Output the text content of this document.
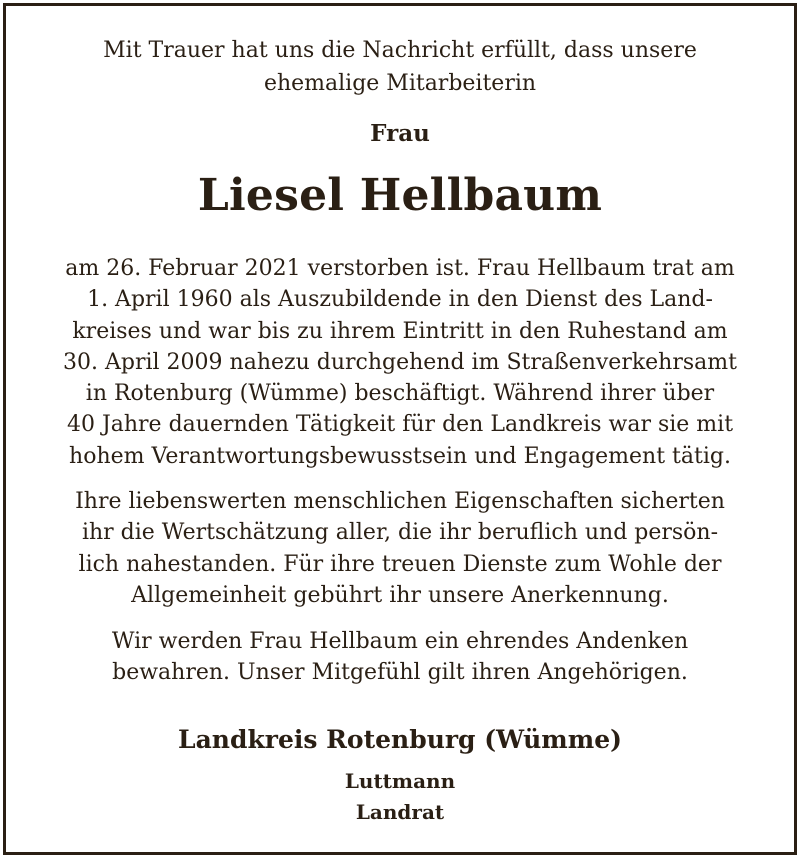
Mit Trauer hat uns die Nachricht erfüllt, dass unsere
ehemalige Mitarbeiterin

Frau

Liesel Hellbaum

am 26. Februar 2021 verstorben ist. Frau Hellbaum trat am
1. April 1960 als Auszubildende in den Dienst des Land-
kreises und war bis zu ihrem Eintritt in den Ruhestand am
30. April 2009 nahezu durchgehend im Straßenverkehrsamt
in Rotenburg (Wümme) beschäftigt. Während ihrer über
40 Jahre dauernden Tätigkeit für den Landkreis war sie mit
hohem Verantwortungsbewusstsein und Engagement tätig.

Ihre liebenswerten menschlichen Eigenschaften sicherten
ihr die Wertschätzung aller, die ihr beruflich und persön-
lich nahestanden. Für ihre treuen Dienste zum Wohle der
Allgemeinheit gebührt ihr unsere Anerkennung.

Wir werden Frau Hellbaum ein ehrendes Andenken
bewahren. Unser Mitgefühl gilt ihren Angehörigen.

Landkreis Rotenburg (Wümme)

Luttmann

Landrat
